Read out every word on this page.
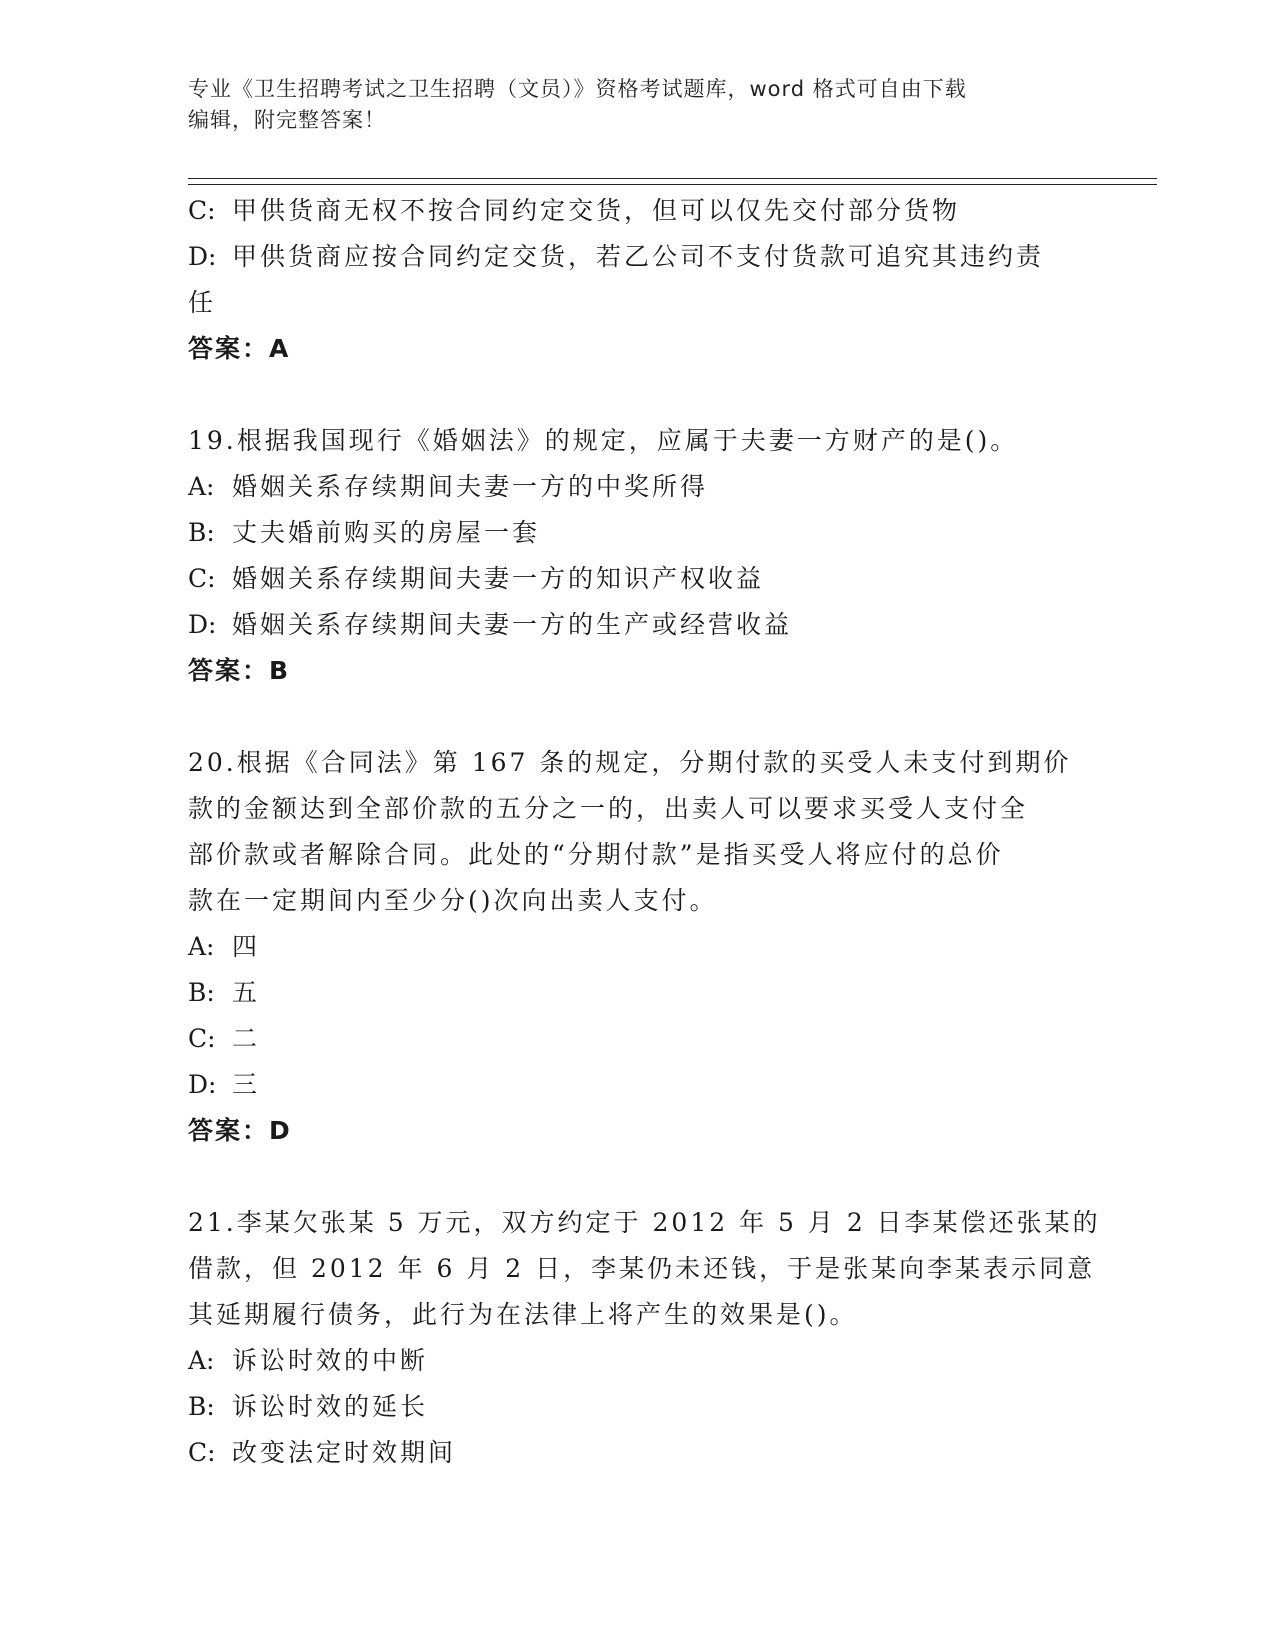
专业《卫生招聘考试之卫生招聘（文员）》资格考试题库，word 格式可自由下载
编辑，附完整答案！
C: 甲供货商无权不按合同约定交货，但可以仅先交付部分货物
D: 甲供货商应按合同约定交货，若乙公司不支付货款可追究其违约责
任
答案：A
19.根据我国现行《婚姻法》的规定，应属于夫妻一方财产的是()。
A: 婚姻关系存续期间夫妻一方的中奖所得
B: 丈夫婚前购买的房屋一套
C: 婚姻关系存续期间夫妻一方的知识产权收益
D: 婚姻关系存续期间夫妻一方的生产或经营收益
答案：B
20.根据《合同法》第 167 条的规定，分期付款的买受人未支付到期价
款的金额达到全部价款的五分之一的，出卖人可以要求买受人支付全
部价款或者解除合同。此处的“分期付款”是指买受人将应付的总价
款在一定期间内至少分()次向出卖人支付。
A: 四
B: 五
C: 二
D: 三
答案：D
21.李某欠张某 5 万元，双方约定于 2012 年 5 月 2 日李某偿还张某的
借款，但 2012 年 6 月 2 日，李某仍未还钱，于是张某向李某表示同意
其延期履行债务，此行为在法律上将产生的效果是()。
A: 诉讼时效的中断
B: 诉讼时效的延长
C: 改变法定时效期间
